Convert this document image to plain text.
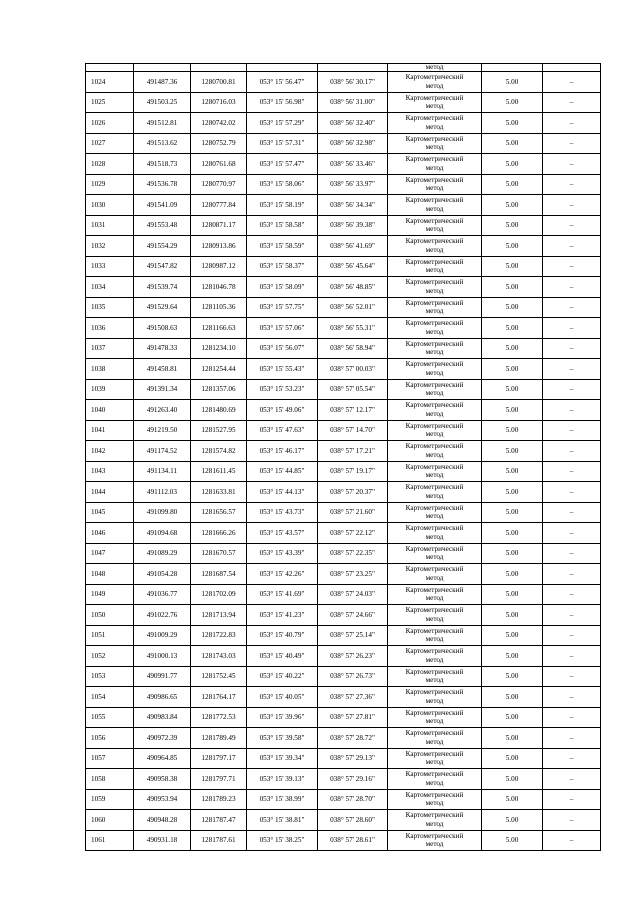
					метод		
1024	491487.36	1280700.81	053° 15' 56.47"	038° 56' 30.17"	Картометрический
метод	5.00	–
1025	491503.25	1280716.03	053° 15' 56.98"	038° 56' 31.00"	Картометрический
метод	5.00	–
1026	491512.81	1280742.02	053° 15' 57.29"	038° 56' 32.40"	Картометрический
метод	5.00	–
1027	491513.62	1280752.79	053° 15' 57.31"	038° 56' 32.98"	Картометрический
метод	5.00	–
1028	491518.73	1280761.68	053° 15' 57.47"	038° 56' 33.46"	Картометрический
метод	5.00	–
1029	491536.78	1280770.97	053° 15' 58.06"	038° 56' 33.97"	Картометрический
метод	5.00	–
1030	491541.09	1280777.84	053° 15' 58.19"	038° 56' 34.34"	Картометрический
метод	5.00	–
1031	491553.48	1280871.17	053° 15' 58.58"	038° 56' 39.38"	Картометрический
метод	5.00	–
1032	491554.29	1280913.86	053° 15' 58.59"	038° 56' 41.69"	Картометрический
метод	5.00	–
1033	491547.82	1280987.12	053° 15' 58.37"	038° 56' 45.64"	Картометрический
метод	5.00	–
1034	491539.74	1281046.78	053° 15' 58.09"	038° 56' 48.85"	Картометрический
метод	5.00	–
1035	491529.64	1281105.36	053° 15' 57.75"	038° 56' 52.01"	Картометрический
метод	5.00	–
1036	491508.63	1281166.63	053° 15' 57.06"	038° 56' 55.31"	Картометрический
метод	5.00	–
1037	491478.33	1281234.10	053° 15' 56.07"	038° 56' 58.94"	Картометрический
метод	5.00	–
1038	491458.81	1281254.44	053° 15' 55.43"	038° 57' 00.03"	Картометрический
метод	5.00	–
1039	491391.34	1281357.06	053° 15' 53.23"	038° 57' 05.54"	Картометрический
метод	5.00	–
1040	491263.40	1281480.69	053° 15' 49.06"	038° 57' 12.17"	Картометрический
метод	5.00	–
1041	491219.50	1281527.95	053° 15' 47.63"	038° 57' 14.70"	Картометрический
метод	5.00	–
1042	491174.52	1281574.82	053° 15' 46.17"	038° 57' 17.21"	Картометрический
метод	5.00	–
1043	491134.11	1281611.45	053° 15' 44.85"	038° 57' 19.17"	Картометрический
метод	5.00	–
1044	491112.03	1281633.81	053° 15' 44.13"	038° 57' 20.37"	Картометрический
метод	5.00	–
1045	491099.80	1281656.57	053° 15' 43.73"	038° 57' 21.60"	Картометрический
метод	5.00	–
1046	491094.68	1281666.26	053° 15' 43.57"	038° 57' 22.12"	Картометрический
метод	5.00	–
1047	491089.29	1281670.57	053° 15' 43.39"	038° 57' 22.35"	Картометрический
метод	5.00	–
1048	491054.28	1281687.54	053° 15' 42.26"	038° 57' 23.25"	Картометрический
метод	5.00	–
1049	491036.77	1281702.09	053° 15' 41.69"	038° 57' 24.03"	Картометрический
метод	5.00	–
1050	491022.76	1281713.94	053° 15' 41.23"	038° 57' 24.66"	Картометрический
метод	5.00	–
1051	491009.29	1281722.83	053° 15' 40.79"	038° 57' 25.14"	Картометрический
метод	5.00	–
1052	491000.13	1281743.03	053° 15' 40.49"	038° 57' 26.23"	Картометрический
метод	5.00	–
1053	490991.77	1281752.45	053° 15' 40.22"	038° 57' 26.73"	Картометрический
метод	5.00	–
1054	490986.65	1281764.17	053° 15' 40.05"	038° 57' 27.36"	Картометрический
метод	5.00	–
1055	490983.84	1281772.53	053° 15' 39.96"	038° 57' 27.81"	Картометрический
метод	5.00	–
1056	490972.39	1281789.49	053° 15' 39.58"	038° 57' 28.72"	Картометрический
метод	5.00	–
1057	490964.85	1281797.17	053° 15' 39.34"	038° 57' 29.13"	Картометрический
метод	5.00	–
1058	490958.38	1281797.71	053° 15' 39.13"	038° 57' 29.16"	Картометрический
метод	5.00	–
1059	490953.94	1281789.23	053° 15' 38.99"	038° 57' 28.70"	Картометрический
метод	5.00	–
1060	490948.28	1281787.47	053° 15' 38.81"	038° 57' 28.60"	Картометрический
метод	5.00	–
1061	490931.18	1281787.61	053° 15' 38.25"	038° 57' 28.61"	Картометрический
метод	5.00	–
